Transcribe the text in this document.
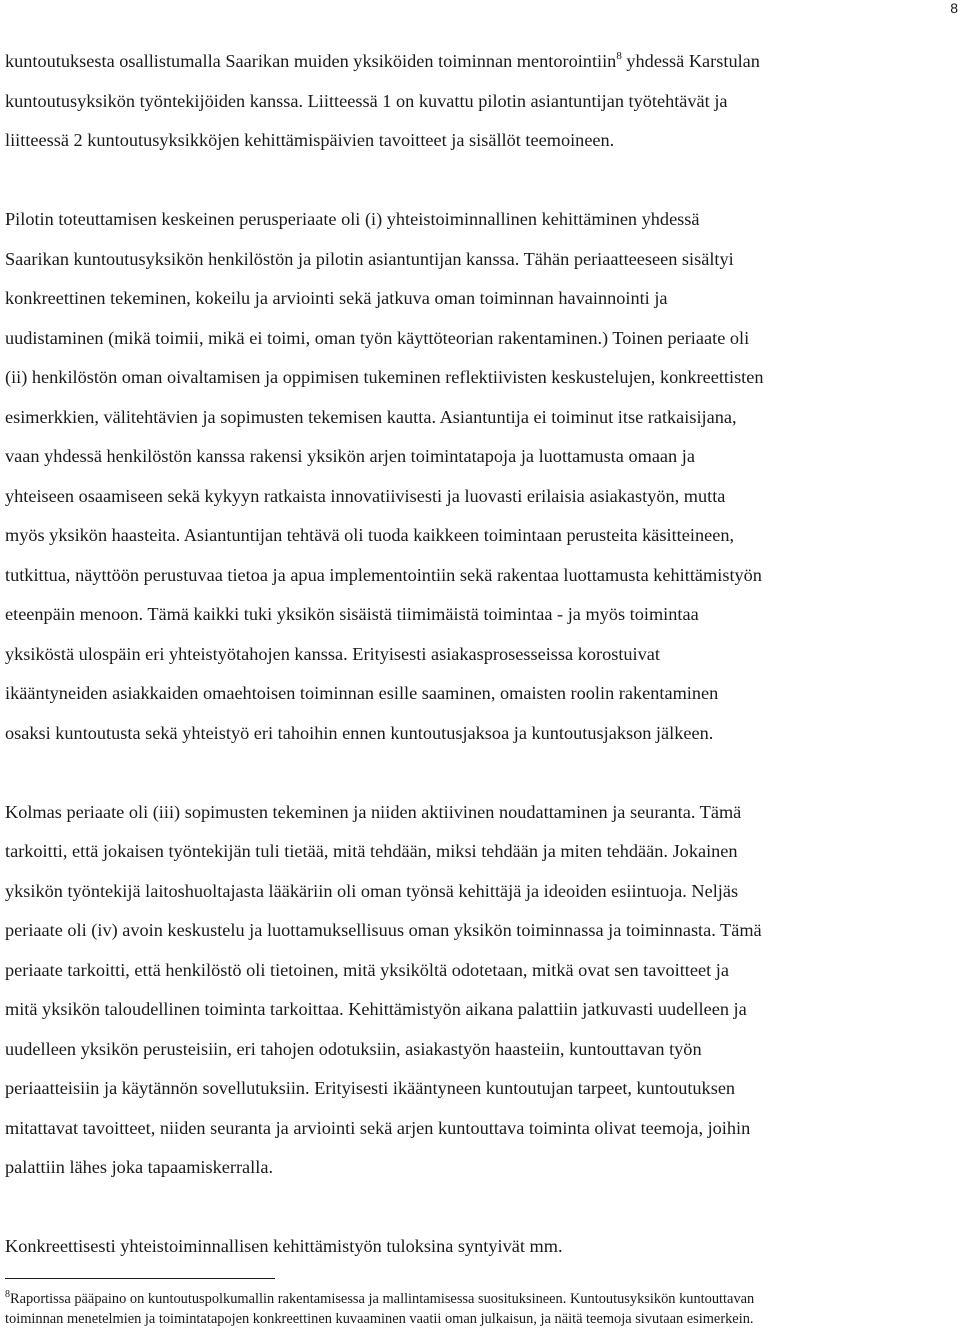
8
kuntoutuksesta osallistumalla Saarikan muiden yksiköiden toiminnan mentorointiin$^8$ yhdessä Karstulan
kuntoutusyksikön työntekijöiden kanssa. Liitteessä 1 on kuvattu pilotin asiantuntijan työtehtävät ja
liitteessä 2 kuntoutusyksikköjen kehittämispäivien tavoitteet ja sisällöt teemoineen.
Pilotin toteuttamisen keskeinen perusperiaate oli (i) yhteistoiminnallinen kehittäminen yhdessä
Saarikan kuntoutusyksikön henkilöstön ja pilotin asiantuntijan kanssa. Tähän periaatteeseen sisältyi
konkreettinen tekeminen, kokeilu ja arviointi sekä jatkuva oman toiminnan havainnointi ja
uudistaminen (mikä toimii, mikä ei toimi, oman työn käyttöteorian rakentaminen.) Toinen periaate oli
(ii) henkilöstön oman oivaltamisen ja oppimisen tukeminen reflektiivisten keskustelujen, konkreettisten
esimerkkien, välitehtävien ja sopimusten tekemisen kautta. Asiantuntija ei toiminut itse ratkaisijana,
vaan yhdessä henkilöstön kanssa rakensi yksikön arjen toimintatapoja ja luottamusta omaan ja
yhteiseen osaamiseen sekä kykyyn ratkaista innovatiivisesti ja luovasti erilaisia asiakastyön, mutta
myös yksikön haasteita. Asiantuntijan tehtävä oli tuoda kaikkeen toimintaan perusteita käsitteineen,
tutkittua, näyttöön perustuvaa tietoa ja apua implementointiin sekä rakentaa luottamusta kehittämistyön
eteenpäin menoon. Tämä kaikki tuki yksikön sisäistä tiimimäistä toimintaa - ja myös toimintaa
yksiköstä ulospäin eri yhteistyötahojen kanssa. Erityisesti asiakasprosesseissa korostuivat
ikääntyneiden asiakkaiden omaehtoisen toiminnan esille saaminen, omaisten roolin rakentaminen
osaksi kuntoutusta sekä yhteistyö eri tahoihin ennen kuntoutusjaksoa ja kuntoutusjakson jälkeen.
Kolmas periaate oli (iii) sopimusten tekeminen ja niiden aktiivinen noudattaminen ja seuranta. Tämä
tarkoitti, että jokaisen työntekijän tuli tietää, mitä tehdään, miksi tehdään ja miten tehdään. Jokainen
yksikön työntekijä laitoshuoltajasta lääkäriin oli oman työnsä kehittäjä ja ideoiden esiintuoja. Neljäs
periaate oli (iv) avoin keskustelu ja luottamuksellisuus oman yksikön toiminnassa ja toiminnasta. Tämä
periaate tarkoitti, että henkilöstö oli tietoinen, mitä yksiköltä odotetaan, mitkä ovat sen tavoitteet ja
mitä yksikön taloudellinen toiminta tarkoittaa. Kehittämistyön aikana palattiin jatkuvasti uudelleen ja
uudelleen yksikön perusteisiin, eri tahojen odotuksiin, asiakastyön haasteiin, kuntouttavan työn
periaatteisiin ja käytännön sovellutuksiin. Erityisesti ikääntyneen kuntoutujan tarpeet, kuntoutuksen
mitattavat tavoitteet, niiden seuranta ja arviointi sekä arjen kuntouttava toiminta olivat teemoja, joihin
palattiin lähes joka tapaamiskerralla.
Konkreettisesti yhteistoiminnallisen kehittämistyön tuloksina syntyivät mm.
$^8$Raportissa pääpaino on kuntoutuspolkumallin rakentamisessa ja mallintamisessa suosituksineen. Kuntoutusyksikön kuntouttavan
toiminnan menetelmien ja toimintatapojen konkreettinen kuvaaminen vaatii oman julkaisun, ja näitä teemoja sivutaan esimerkein.
